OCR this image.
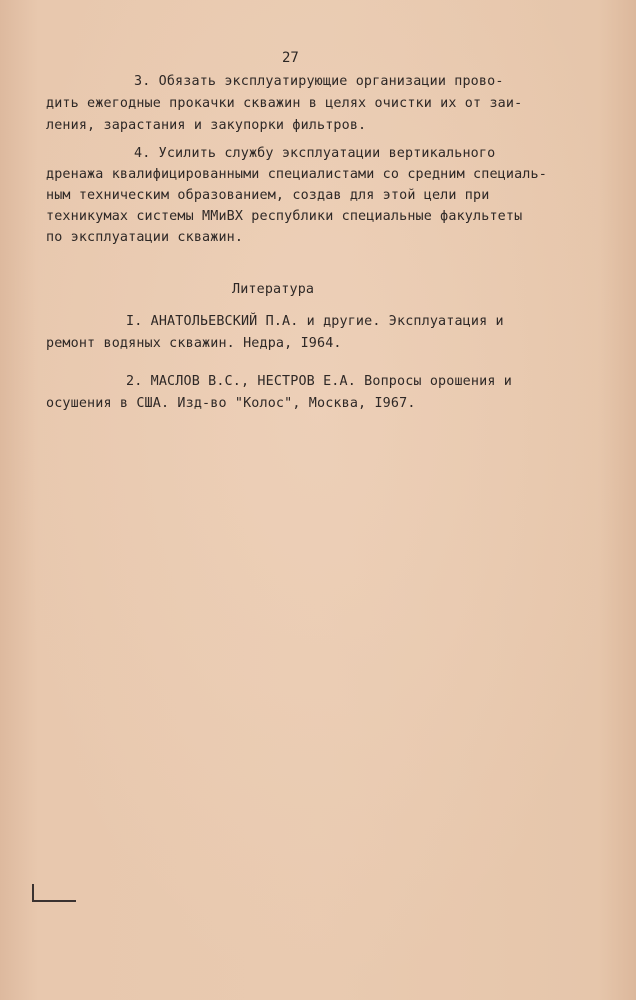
27
3. Обязать эксплуатирующие организации прово-
дить ежегодные прокачки скважин в целях очистки их от заи-
ления, зарастания и закупорки фильтров.
4. Усилить службу эксплуатации вертикального
дренажа квалифицированными специалистами со средним специаль-
ным техническим образованием, создав для этой цели при
техникумах системы ММиВХ республики специальные факультеты
по эксплуатации скважин.
Литература
I. АНАТОЛЬЕВСКИЙ П.А. и другие. Эксплуатация и
ремонт водяных скважин. Недра, I964.
2. МАСЛОВ В.С., НЕСТРОВ Е.А. Вопросы орошения и
осушения в США. Изд-во "Колос", Москва, I967.
